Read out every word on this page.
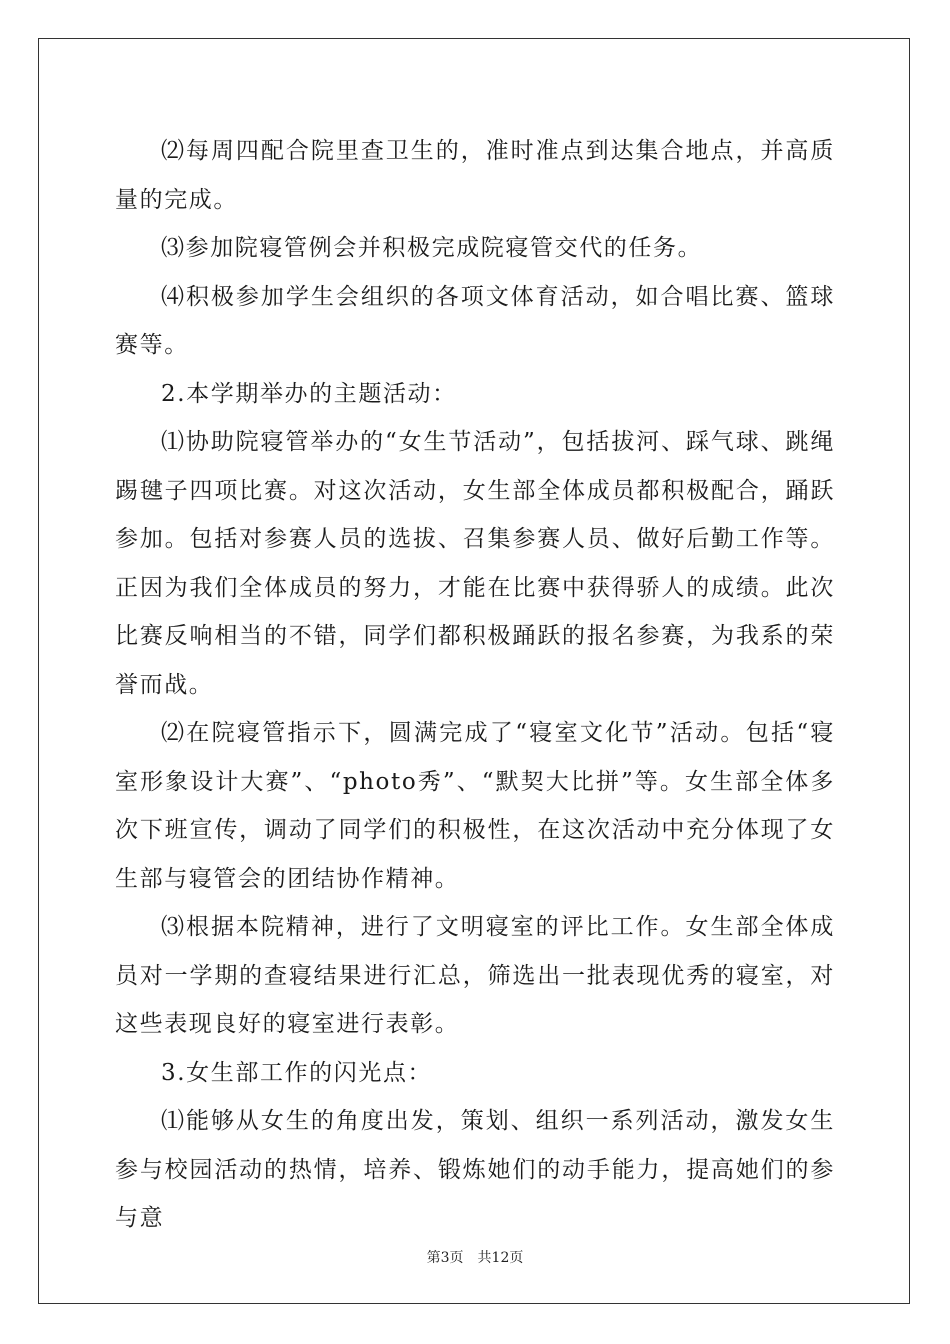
⑵每周四配合院里查卫生的，准时准点到达集合地点，并高质量的完成。

⑶参加院寝管例会并积极完成院寝管交代的任务。

⑷积极参加学生会组织的各项文体育活动，如合唱比赛、篮球赛等。

2.本学期举办的主题活动：

⑴协助院寝管举办的“女生节活动”，包括拔河、踩气球、跳绳踢毽子四项比赛。对这次活动，女生部全体成员都积极配合，踊跃参加。包括对参赛人员的选拔、召集参赛人员、做好后勤工作等。正因为我们全体成员的努力，才能在比赛中获得骄人的成绩。此次比赛反响相当的不错，同学们都积极踊跃的报名参赛，为我系的荣誉而战。

⑵在院寝管指示下，圆满完成了“寝室文化节”活动。包括“寝室形象设计大赛”、“photo秀”、“默契大比拼”等。女生部全体多次下班宣传，调动了同学们的积极性，在这次活动中充分体现了女生部与寝管会的团结协作精神。

⑶根据本院精神，进行了文明寝室的评比工作。女生部全体成员对一学期的查寝结果进行汇总，筛选出一批表现优秀的寝室，对这些表现良好的寝室进行表彰。

3.女生部工作的闪光点：

⑴能够从女生的角度出发，策划、组织一系列活动，激发女生参与校园活动的热情，培养、锻炼她们的动手能力，提高她们的参与意

第3页 共12页
